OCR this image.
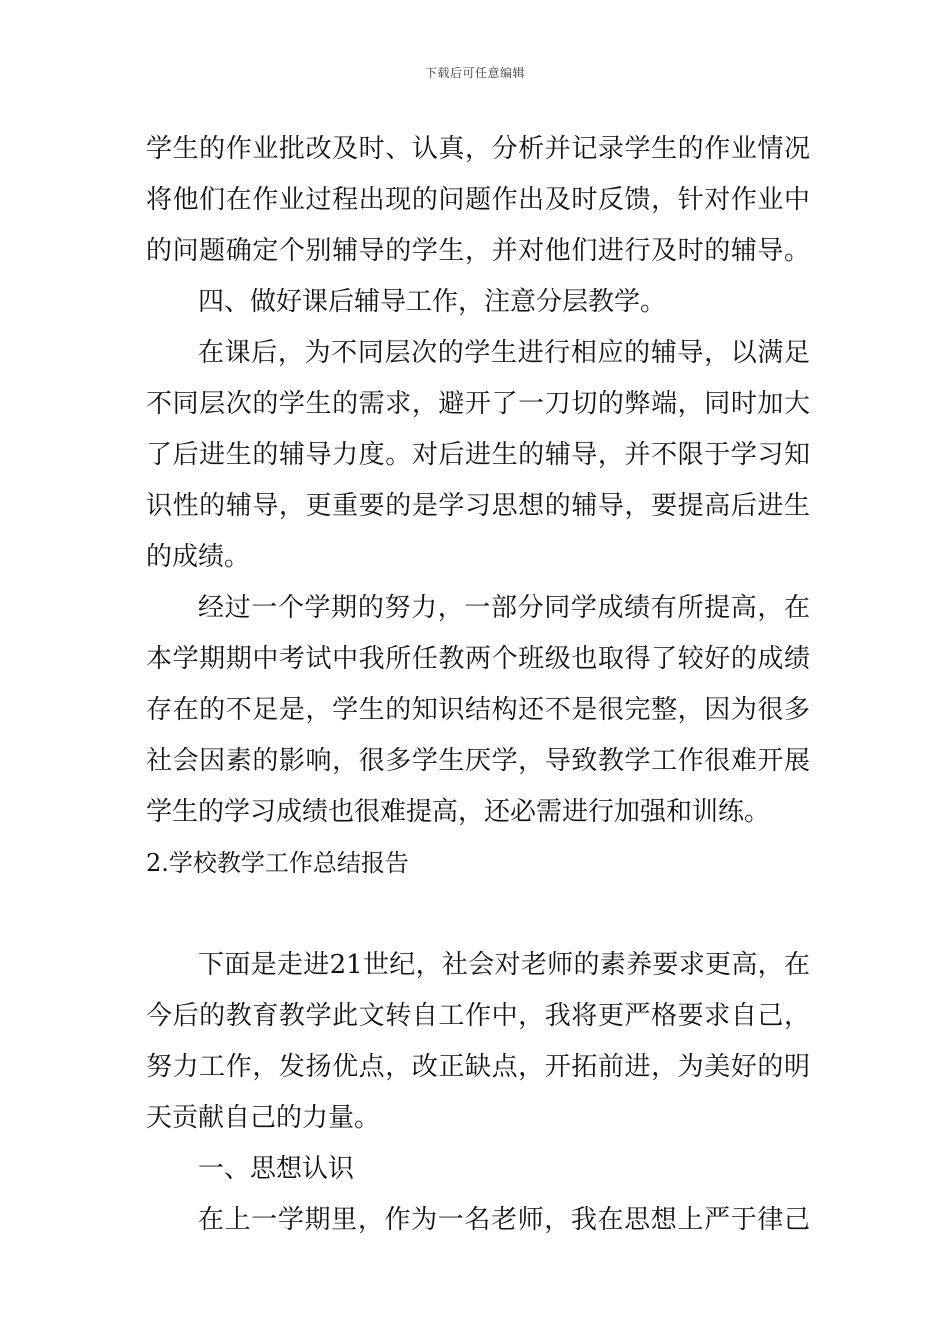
下载后可任意编辑
学生的作业批改及时、认真，分析并记录学生的作业情况
将他们在作业过程出现的问题作出及时反馈，针对作业中
的问题确定个别辅导的学生，并对他们进行及时的辅导。
四、做好课后辅导工作，注意分层教学。
在课后，为不同层次的学生进行相应的辅导，以满足
不同层次的学生的需求，避开了一刀切的弊端，同时加大
了后进生的辅导力度。对后进生的辅导，并不限于学习知
识性的辅导，更重要的是学习思想的辅导，要提高后进生
的成绩。
经过一个学期的努力，一部分同学成绩有所提高，在
本学期期中考试中我所任教两个班级也取得了较好的成绩
存在的不足是，学生的知识结构还不是很完整，因为很多
社会因素的影响，很多学生厌学，导致教学工作很难开展
学生的学习成绩也很难提高，还必需进行加强和训练。
2.学校教学工作总结报告
下面是走进21世纪，社会对老师的素养要求更高，在
今后的教育教学此文转自工作中，我将更严格要求自己，
努力工作，发扬优点，改正缺点，开拓前进，为美好的明
天贡献自己的力量。
一、思想认识
在上一学期里，作为一名老师，我在思想上严于律己
